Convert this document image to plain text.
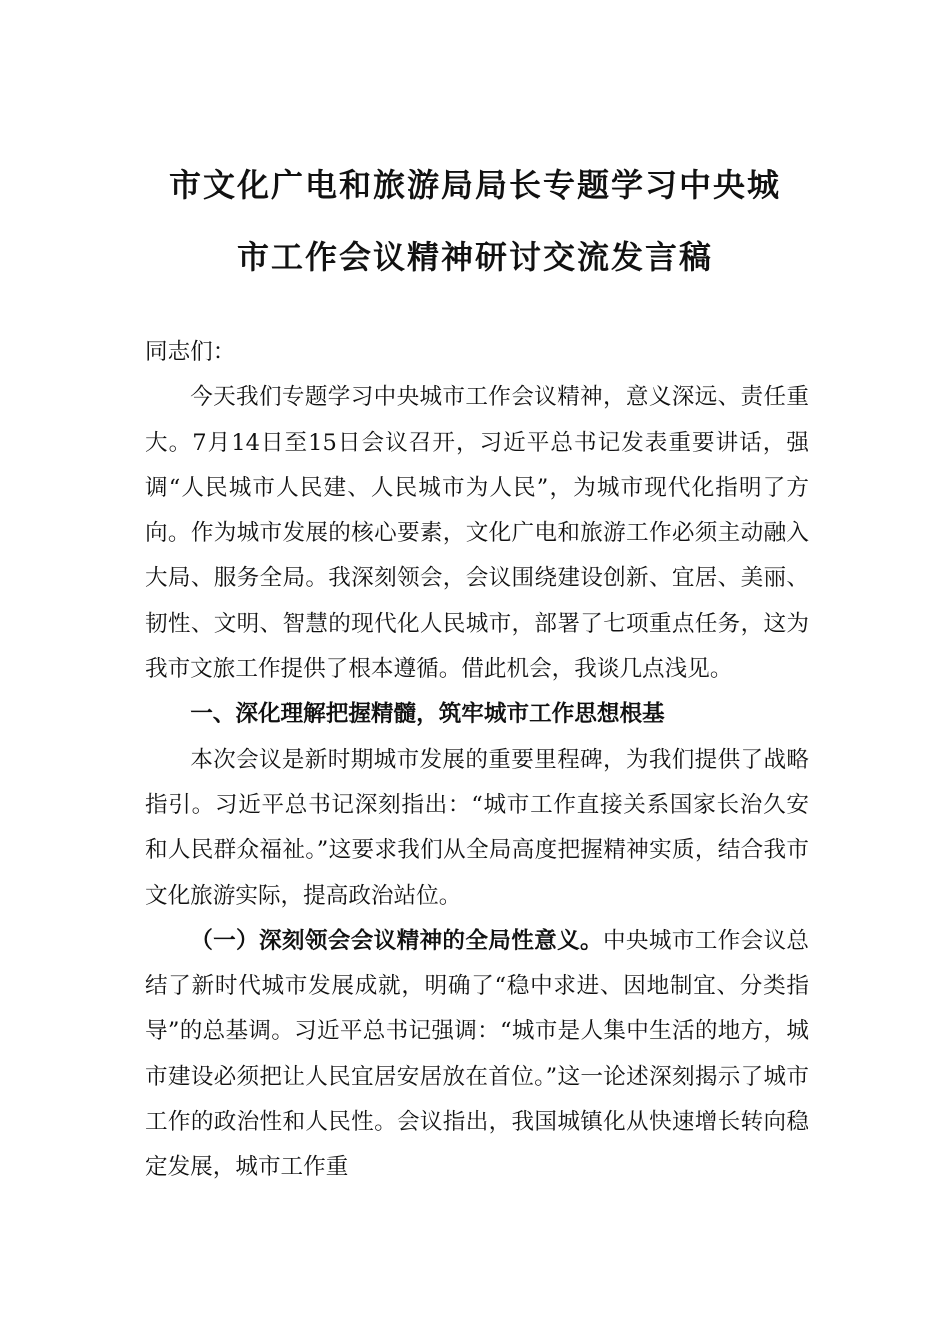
市文化广电和旅游局局长专题学习中央城
市工作会议精神研讨交流发言稿

同志们：

今天我们专题学习中央城市工作会议精神，意义深远、责任重大。7月14日至15日会议召开，习近平总书记发表重要讲话，强调“人民城市人民建、人民城市为人民”，为城市现代化指明了方向。作为城市发展的核心要素，文化广电和旅游工作必须主动融入大局、服务全局。我深刻领会，会议围绕建设创新、宜居、美丽、韧性、文明、智慧的现代化人民城市，部署了七项重点任务，这为我市文旅工作提供了根本遵循。借此机会，我谈几点浅见。

一、深化理解把握精髓，筑牢城市工作思想根基

本次会议是新时期城市发展的重要里程碑，为我们提供了战略指引。习近平总书记深刻指出：“城市工作直接关系国家长治久安和人民群众福祉。”这要求我们从全局高度把握精神实质，结合我市文化旅游实际，提高政治站位。

（一）深刻领会会议精神的全局性意义。中央城市工作会议总结了新时代城市发展成就，明确了“稳中求进、因地制宜、分类指导”的总基调。习近平总书记强调：“城市是人集中生活的地方，城市建设必须把让人民宜居安居放在首位。”这一论述深刻揭示了城市工作的政治性和人民性。会议指出，我国城镇化从快速增长转向稳定发展，城市工作重
